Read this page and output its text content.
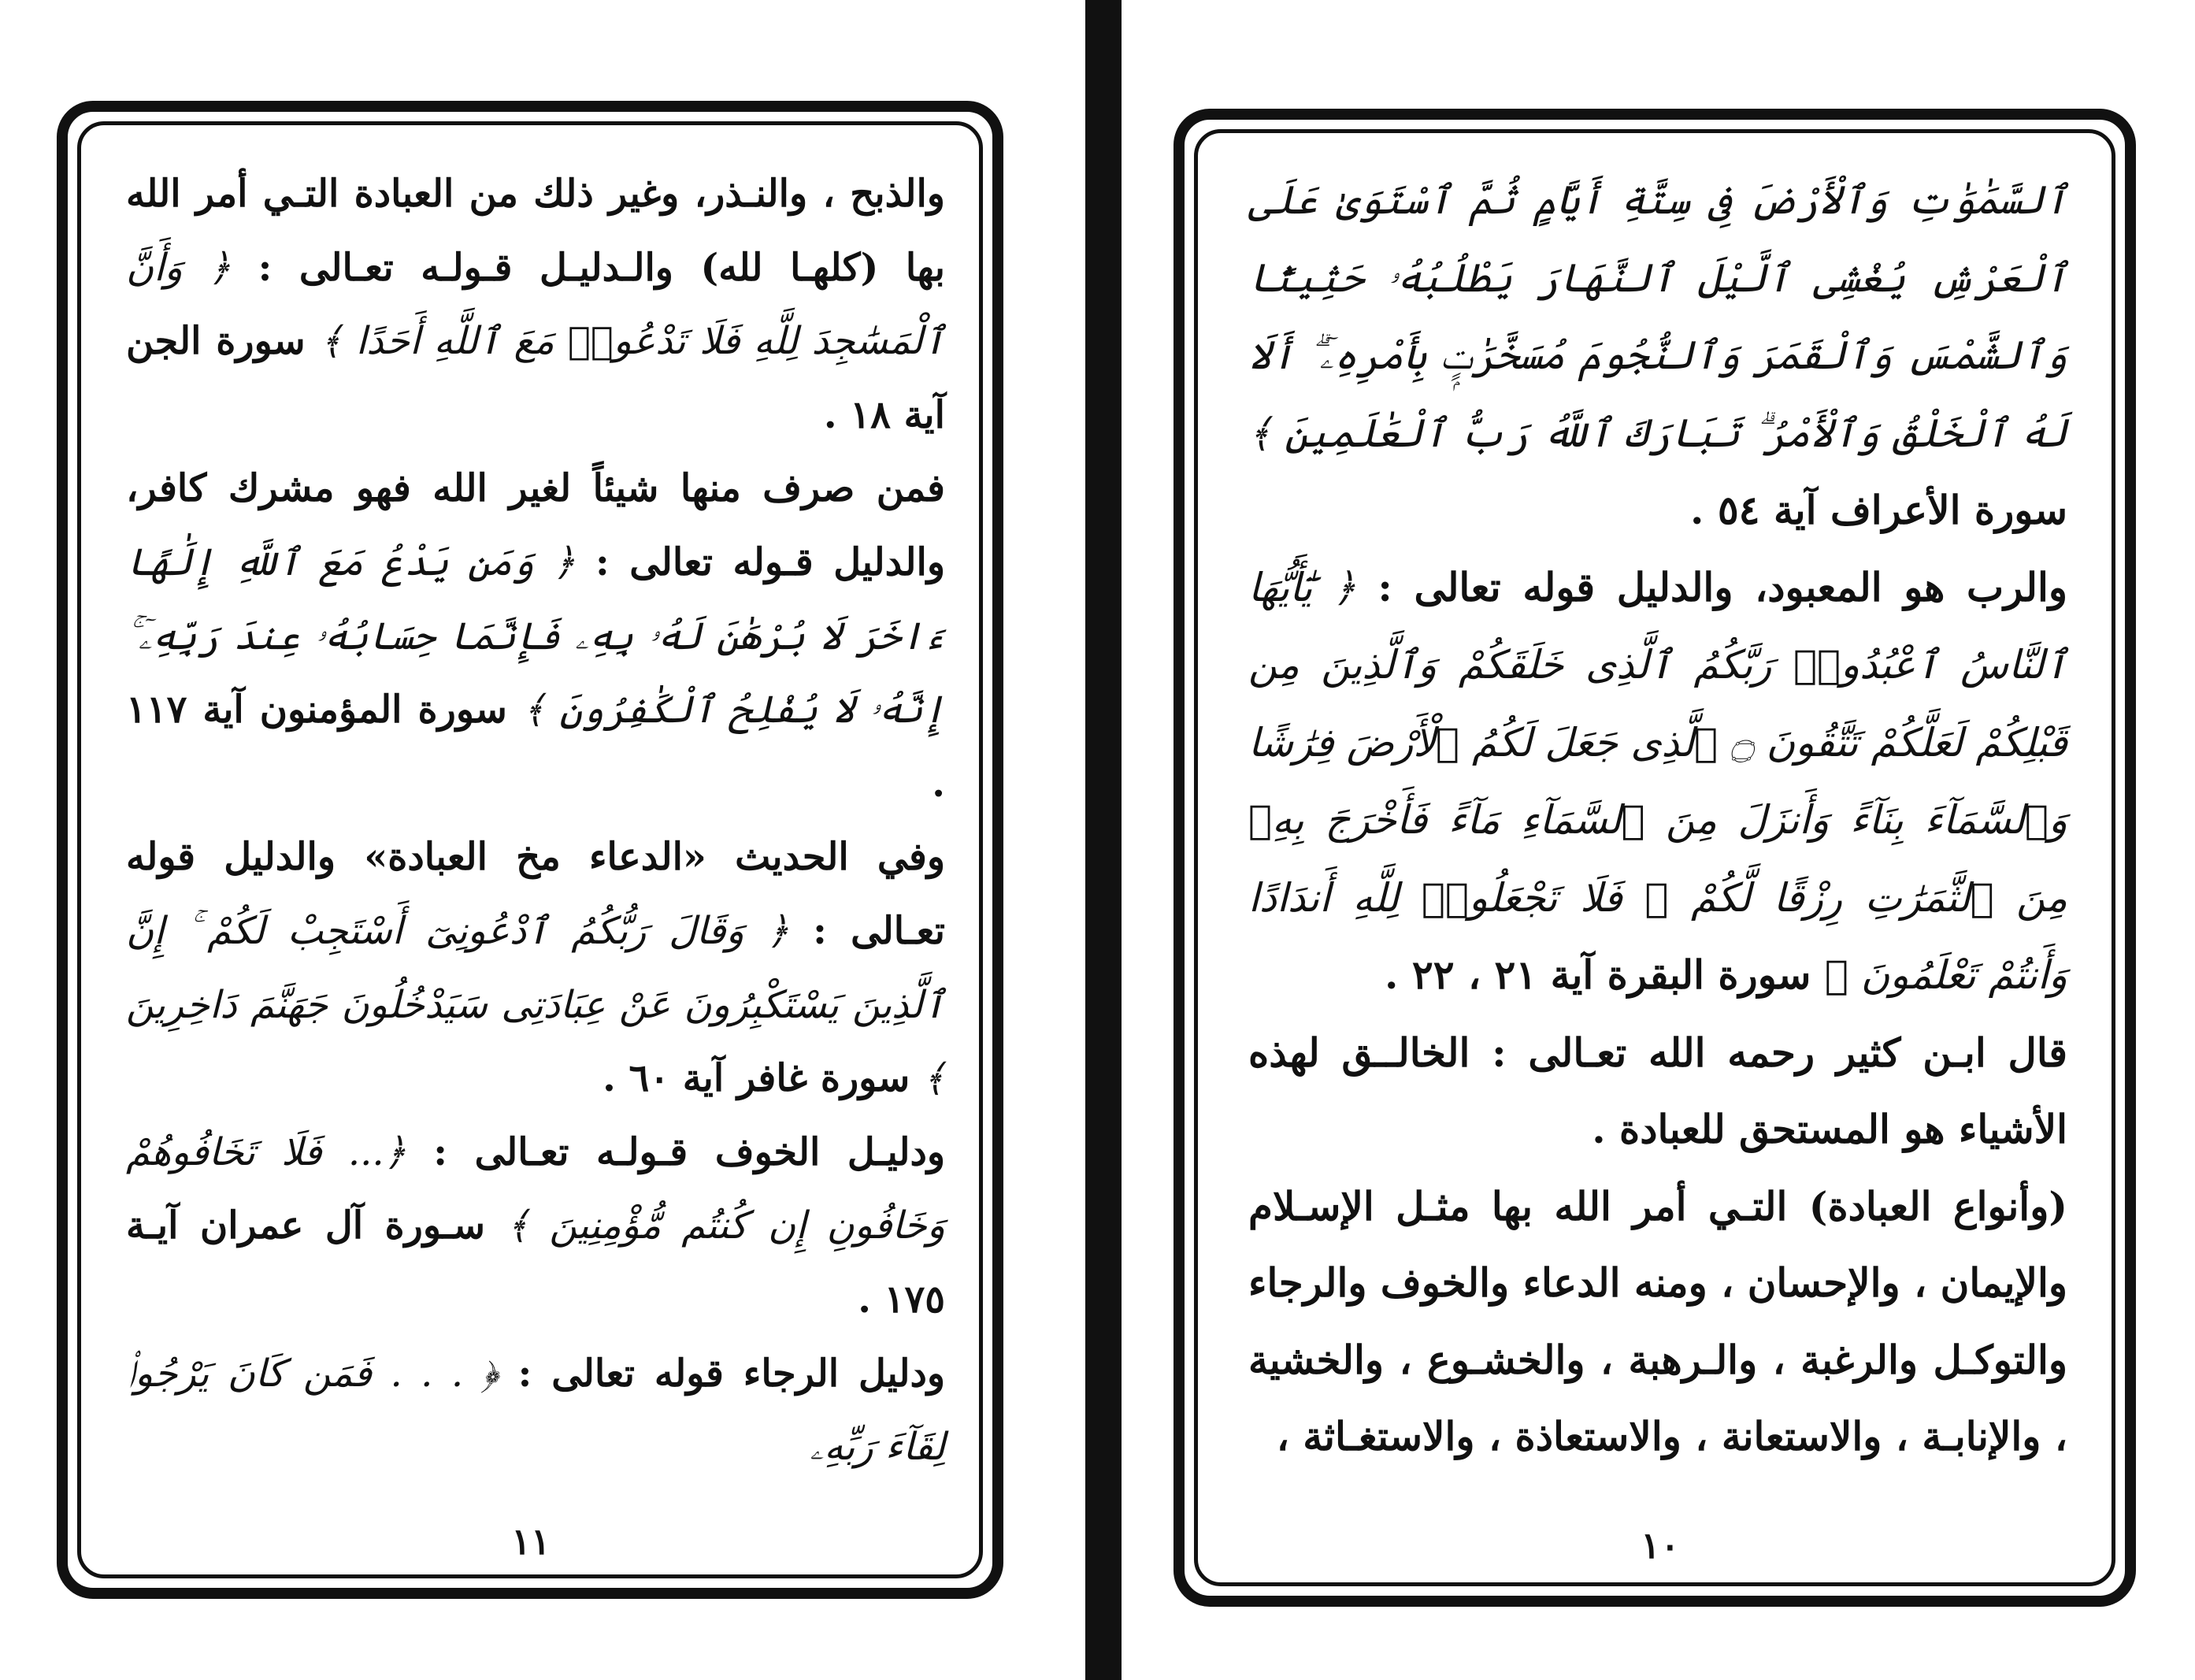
والذبح ، والنـذر، وغير ذلك من العبادة التـي أمر الله بها (كلهـا لله) والـدليـل قـولـه تعـالى : ﴿ وَأَنَّ ٱلْمَسَٰجِدَ لِلَّهِ فَلَا تَدْعُوا۟ مَعَ ٱللَّهِ أَحَدًا ﴾ سورة الجن آية ١٨ .

فمن صرف منها شيئاً لغير الله فهو مشرك كافر، والدليل قـوله تعالى : ﴿ وَمَن يَدْعُ مَعَ ٱللَّهِ إِلَٰهًا ءَاخَرَ لَا بُرْهَٰنَ لَهُۥ بِهِۦ فَإِنَّمَا حِسَابُهُۥ عِندَ رَبِّهِۦٓ ۚ إِنَّهُۥ لَا يُفْلِحُ ٱلْكَٰفِرُونَ ﴾ سورة المؤمنون آية ١١٧ .

وفي الحديث «الدعاء مخ العبادة» والدليل قوله تعـالى : ﴿ وَقَالَ رَبُّكُمُ ٱدْعُونِىٓ أَسْتَجِبْ لَكُمْ ۚ إِنَّ ٱلَّذِينَ يَسْتَكْبِرُونَ عَنْ عِبَادَتِى سَيَدْخُلُونَ جَهَنَّمَ دَاخِرِينَ ﴾ سورة غافر آية ٦٠ .

ودليـل الخوف قـولـه تعـالى : ﴿... فَلَا تَخَافُوهُمْ وَخَافُونِ إِن كُنتُم مُّؤْمِنِينَ ﴾ سـورة آل عمران آيـة ١٧٥ .

ودليل الرجاء قوله تعالى : ﴿ . . . فَمَن كَانَ يَرْجُوا۟ لِقَآءَ رَبِّهِۦ

١١

ٱلسَّمَٰوَٰتِ وَٱلْأَرْضَ فِى سِتَّةِ أَيَّامٍ ثُمَّ ٱسْتَوَىٰ عَلَى ٱلْعَرْشِ يُغْشِى ٱلَّيْلَ ٱلنَّهَارَ يَطْلُبُهُۥ حَثِيثًا وَٱلشَّمْسَ وَٱلْقَمَرَ وَٱلنُّجُومَ مُسَخَّرَٰتٍۭ بِأَمْرِهِۦٓ ۗ أَلَا لَهُ ٱلْخَلْقُ وَٱلْأَمْرُ ۗ تَبَارَكَ ٱللَّهُ رَبُّ ٱلْعَٰلَمِينَ ﴾ سورة الأعراف آية ٥٤ .

والرب هو المعبود، والدليل قوله تعالى : ﴿ يَٰٓأَيُّهَا ٱلنَّاسُ ٱعْبُدُوا۟ رَبَّكُمُ ٱلَّذِى خَلَقَكُمْ وَٱلَّذِينَ مِن قَبْلِكُمْ لَعَلَّكُمْ تَتَّقُونَ ۝ ٱلَّذِى جَعَلَ لَكُمُ ٱلْأَرْضَ فِرَٰشًا وَٱلسَّمَآءَ بِنَآءً وَأَنزَلَ مِنَ ٱلسَّمَآءِ مَآءً فَأَخْرَجَ بِهِۦ مِنَ ٱلثَّمَرَٰتِ رِزْقًا لَّكُمْ ۖ فَلَا تَجْعَلُوا۟ لِلَّهِ أَندَادًا وَأَنتُمْ تَعْلَمُونَ ﴾ سورة البقرة آية ٢١ ، ٢٢ .

قال ابـن كثير رحمه الله تعـالى : الخالــق لهذه الأشياء هو المستحق للعبادة .

(وأنواع العبادة) التـي أمر الله بها مثـل الإسـلام والإيمان ، والإحسان ، ومنه الدعاء والخوف والرجاء والتوكـل والرغبة ، والـرهبة ، والخشـوع ، والخشية ، والإنابـة ، والاستعانة ، والاستعاذة ، والاستغـاثة ،

١٠
